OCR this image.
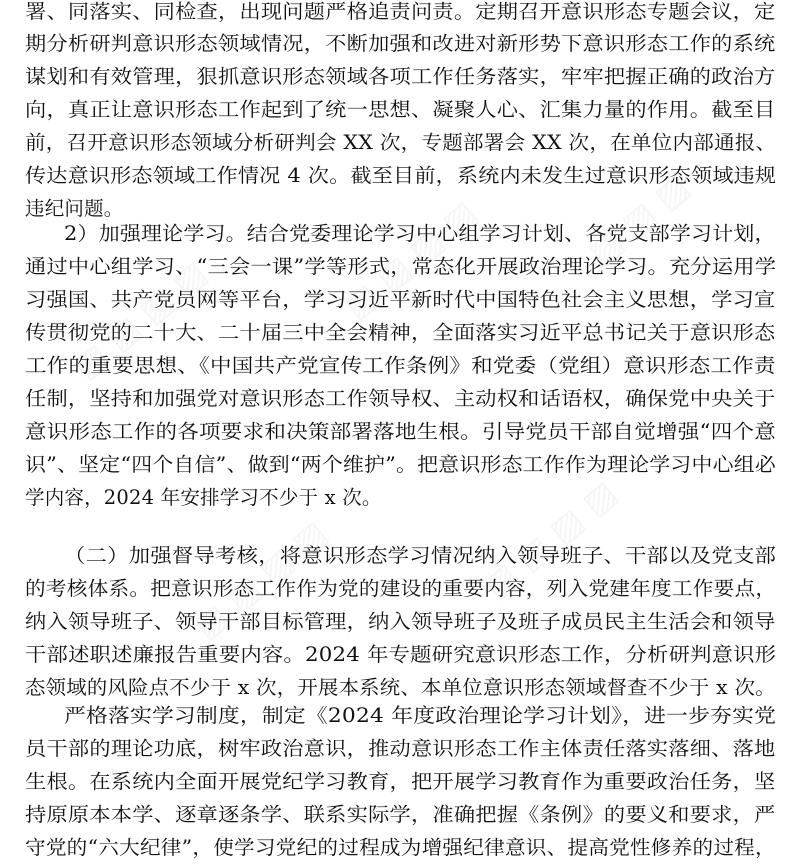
署、同落实、同检查，出现问题严格追责问责。定期召开意识形态专题会议，定
期分析研判意识形态领域情况，不断加强和改进对新形势下意识形态工作的系统
谋划和有效管理，狠抓意识形态领域各项工作任务落实，牢牢把握正确的政治方
向，真正让意识形态工作起到了统一思想、凝聚人心、汇集力量的作用。截至目
前，召开意识形态领域分析研判会 XX 次，专题部署会 XX 次，在单位内部通报、
传达意识形态领域工作情况 4 次。截至目前，系统内未发生过意识形态领域违规
违纪问题。
2）加强理论学习。结合党委理论学习中心组学习计划、各党支部学习计划，
通过中心组学习、“三会一课”学等形式，常态化开展政治理论学习。充分运用学
习强国、共产党员网等平台，学习习近平新时代中国特色社会主义思想，学习宣
传贯彻党的二十大、二十届三中全会精神，全面落实习近平总书记关于意识形态
工作的重要思想、《中国共产党宣传工作条例》和党委（党组）意识形态工作责
任制，坚持和加强党对意识形态工作领导权、主动权和话语权，确保党中央关于
意识形态工作的各项要求和决策部署落地生根。引导党员干部自觉增强“四个意
识”、坚定“四个自信”、做到“两个维护”。把意识形态工作作为理论学习中心组必
学内容，2024 年安排学习不少于 x 次。
（二）加强督导考核，将意识形态学习情况纳入领导班子、干部以及党支部
的考核体系。把意识形态工作作为党的建设的重要内容，列入党建年度工作要点，
纳入领导班子、领导干部目标管理，纳入领导班子及班子成员民主生活会和领导
干部述职述廉报告重要内容。2024 年专题研究意识形态工作，分析研判意识形
态领域的风险点不少于 x 次，开展本系统、本单位意识形态领域督查不少于 x 次。
严格落实学习制度，制定《2024 年度政治理论学习计划》，进一步夯实党
员干部的理论功底，树牢政治意识，推动意识形态工作主体责任落实落细、落地
生根。在系统内全面开展党纪学习教育，把开展学习教育作为重要政治任务，坚
持原原本本学、逐章逐条学、联系实际学，准确把握《条例》的要义和要求，严
守党的“六大纪律”，使学习党纪的过程成为增强纪律意识、提高党性修养的过程，
